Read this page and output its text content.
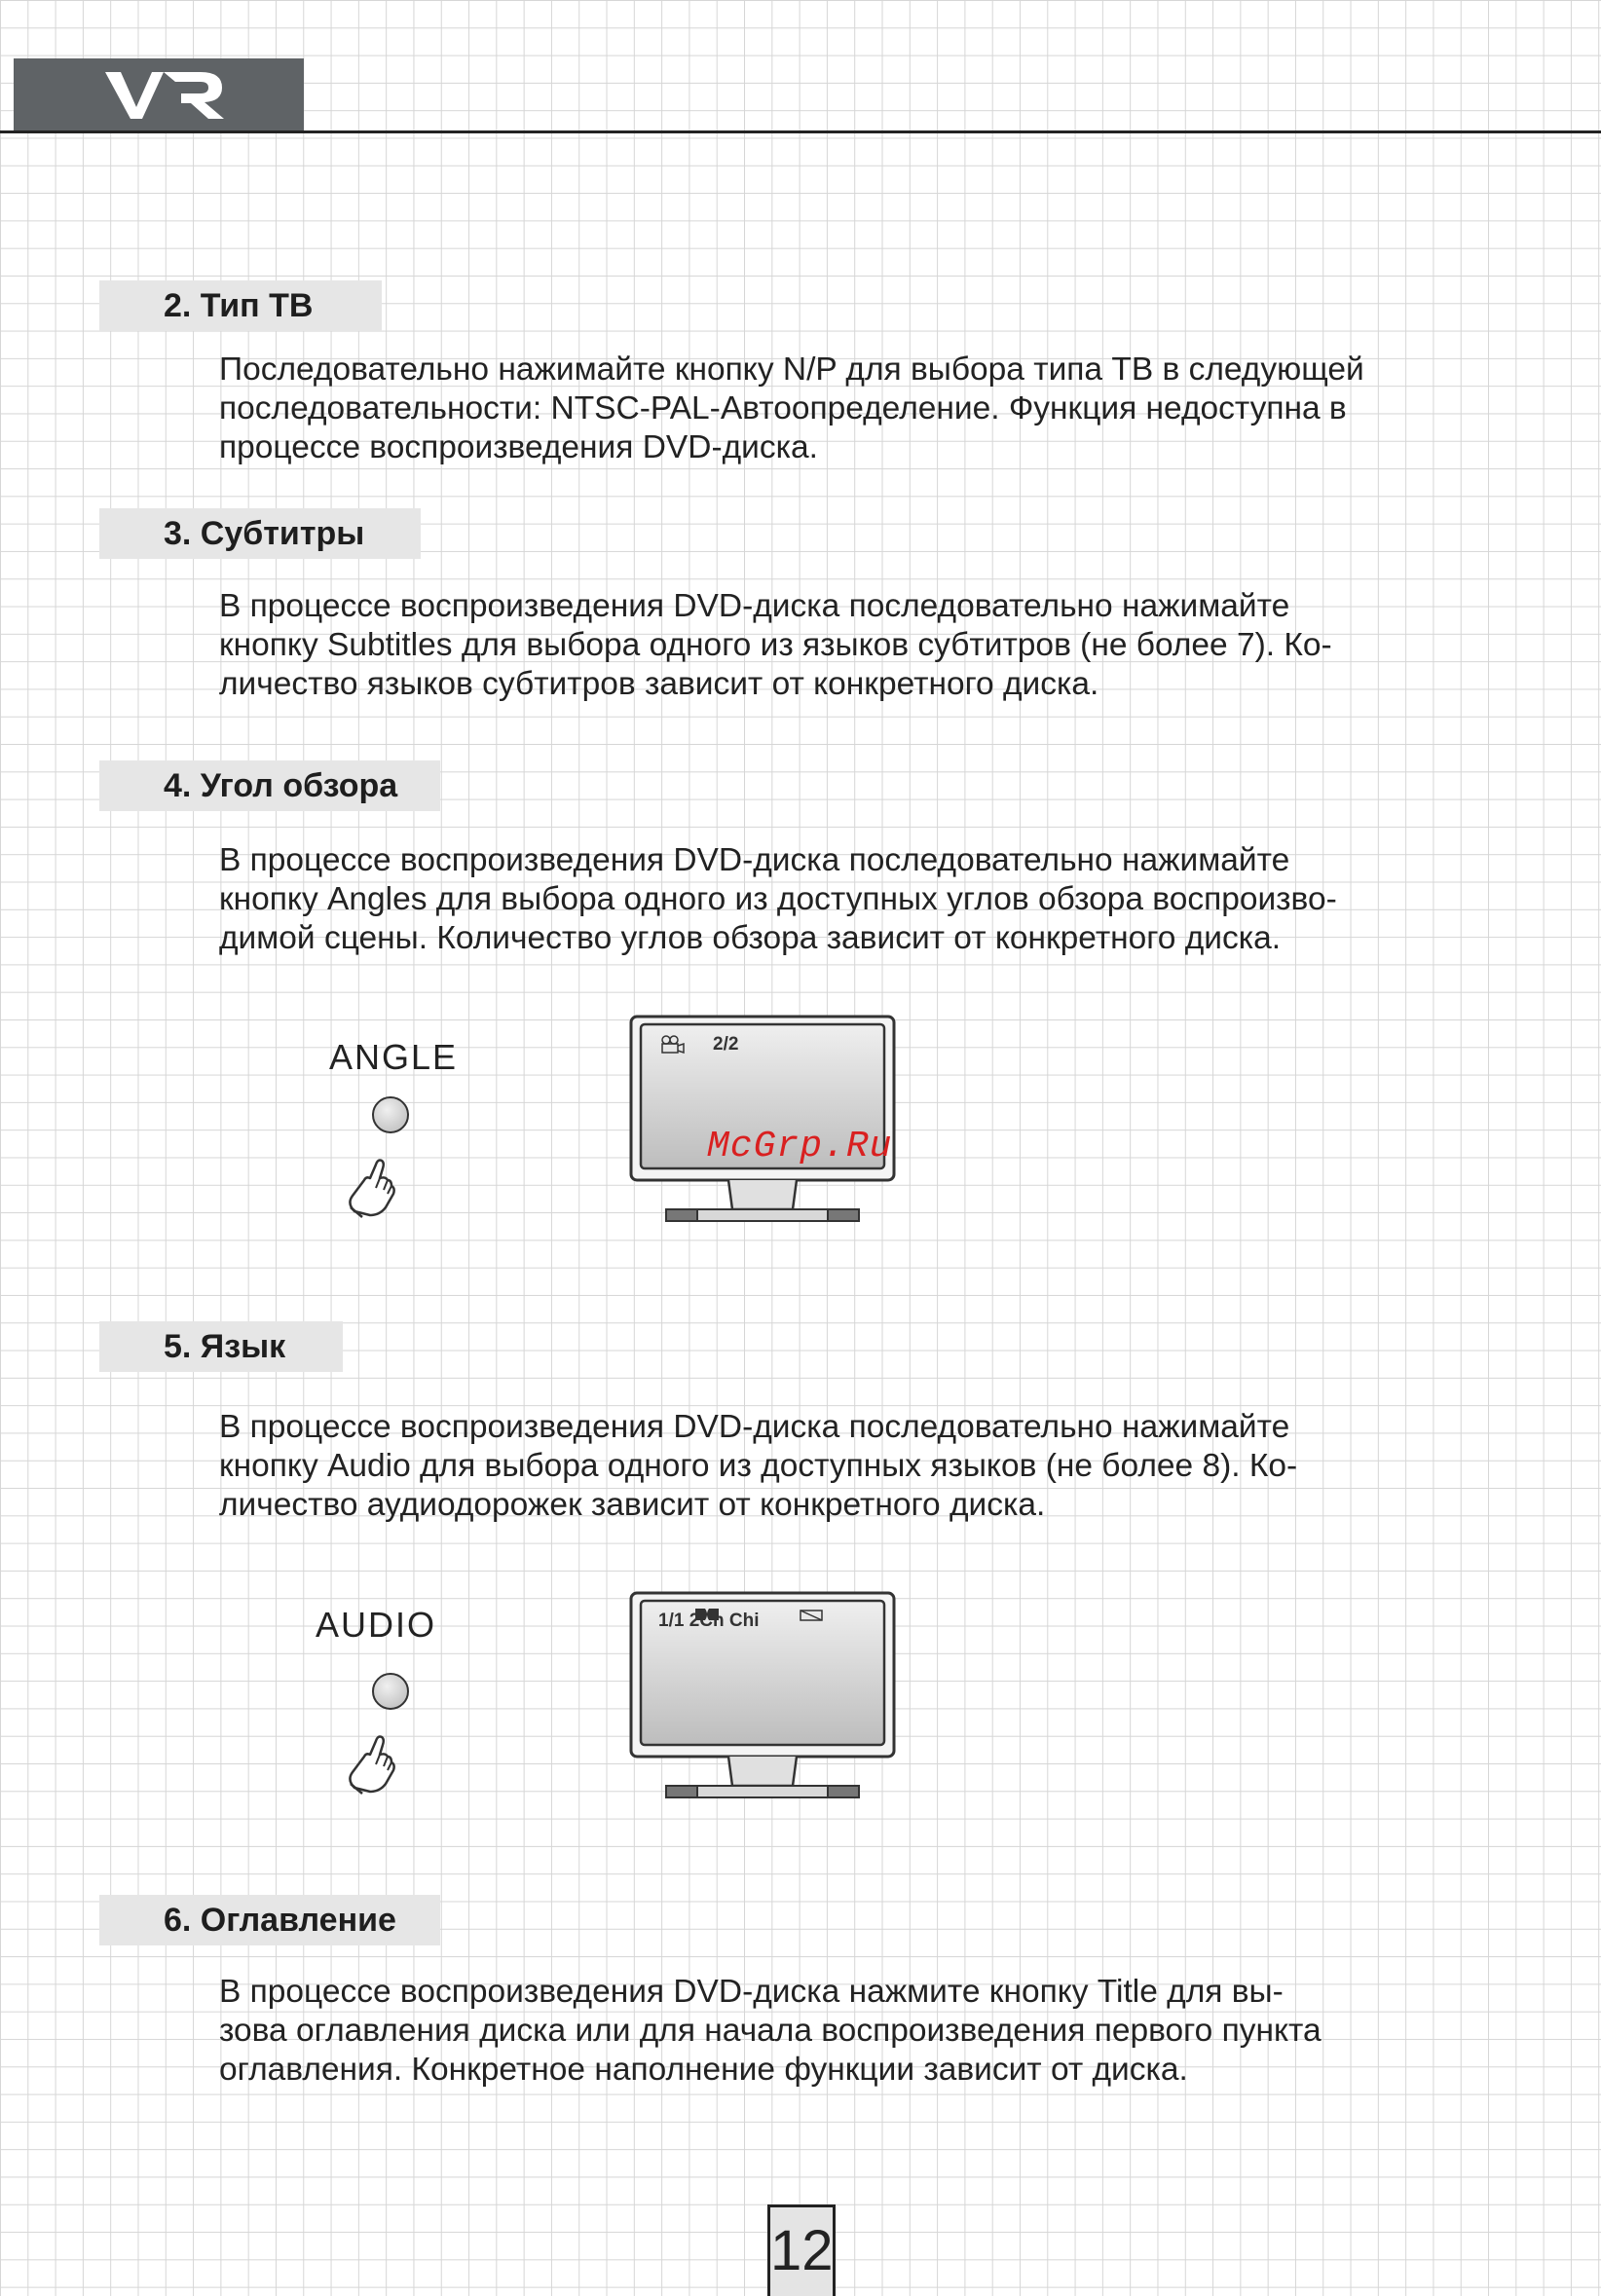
2. Тип ТВ
Последовательно нажимайте кнопку N/P для выбора типа ТВ в следующей
последовательности: NTSC-PAL-Автоопределение. Функция недоступна в
процессе воспроизведения DVD-диска.
3. Субтитры
В процессе воспроизведения DVD-диска последовательно нажимайте
кнопку Subtitles для выбора одного из языков субтитров (не более 7). Ко-
личество языков субтитров зависит от конкретного диска.
4. Угол обзора
В процессе воспроизведения DVD-диска последовательно нажимайте
кнопку Angles для выбора одного из доступных углов обзора воспроизво-
димой сцены. Количество углов обзора зависит от конкретного диска.
ANGLE	2/2
McGrp.Ru
5. Язык
В процессе воспроизведения DVD-диска последовательно нажимайте
кнопку Audio для выбора одного из доступных языков (не более 8). Ко-
личество аудиодорожек зависит от конкретного диска.
AUDIO	1/1 2Ch Chi
6. Оглавление
В процессе воспроизведения DVD-диска нажмите кнопку Title для вы-
зова оглавления диска или для начала воспроизведения первого пункта
оглавления. Конкретное наполнение функции зависит от диска.
12
